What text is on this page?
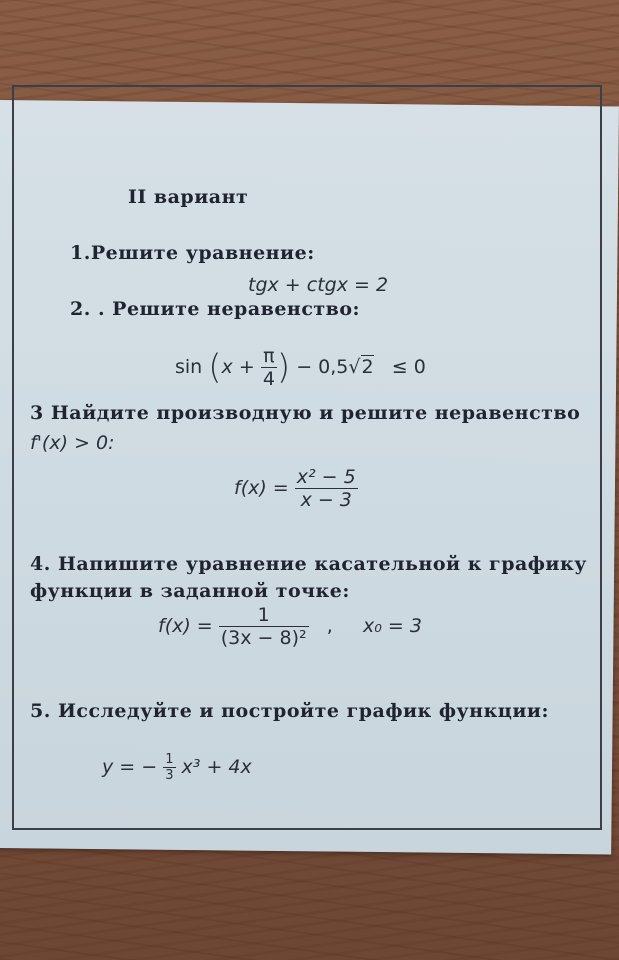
II вариант
1.Решите уравнение:
tgx + ctgx = 2
2. . Решите неравенство:
$\sin (x + \frac{\pi}{4}$ ) − 0,5√2 ≤ 0
3 Найдите производную и решите неравенство
f'(x) > 0:
$f(x) = \frac{\text{x² − 5}}{x - 3}$
4. Напишите уравнение касательной к графику
функции в заданной точке:
$f(x) = \frac{1}{\text{(3x − 8)²}}$ , x₀ = 3
5. Исследуйте и постройте график функции:
y = − $\frac{1}{3} x^3 + 4x$
